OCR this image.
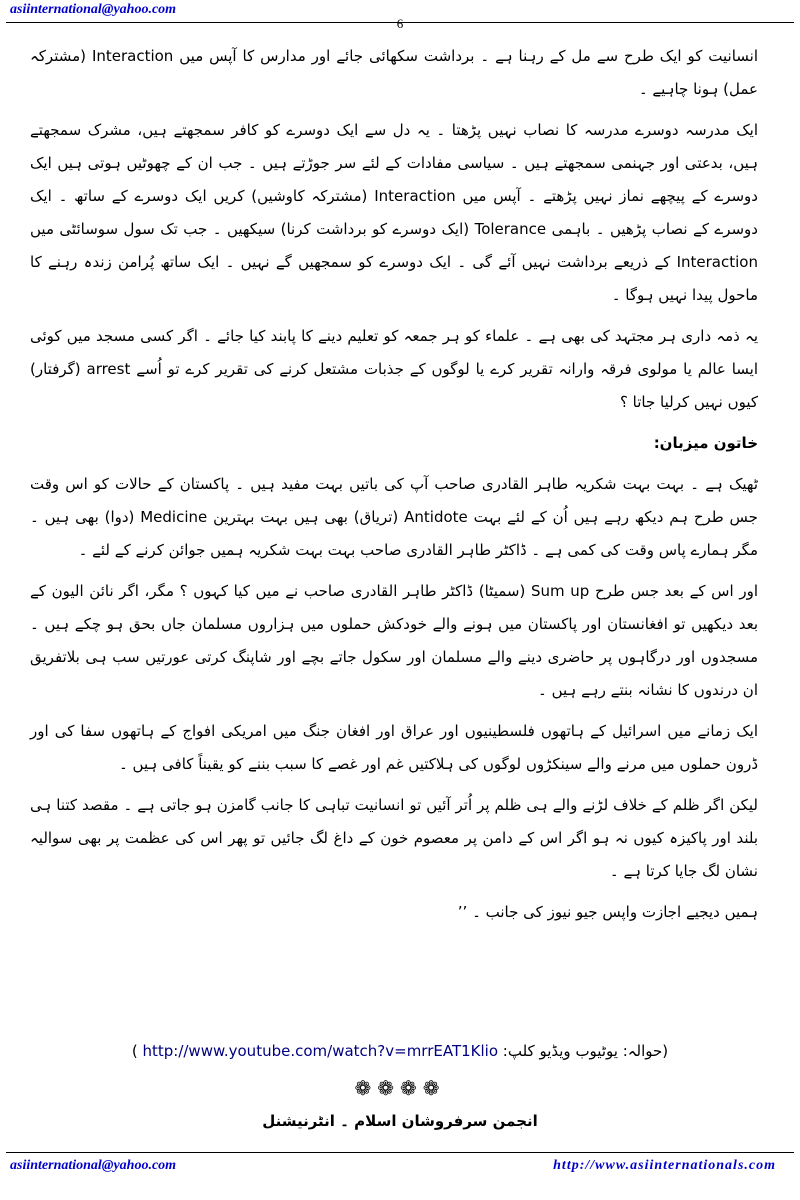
asiinternational@yahoo.com
6

انسانیت کو ایک طرح سے مل کے رہنا ہے ۔ برداشت سکھائی جائے اور مدارس کا آپس میں Interaction (مشترکہ عمل) ہونا چاہیے ۔

ایک مدرسہ دوسرے مدرسہ کا نصاب نہیں پڑھتا ۔ یہ دل سے ایک دوسرے کو کافر سمجھتے ہیں، مشرک سمجھتے ہیں، بدعتی اور جہنمی سمجھتے ہیں ۔ سیاسی مفادات کے لئے سر جوڑتے ہیں ۔ جب ان کے چھوٹیں ہوتی ہیں ایک دوسرے کے پیچھے نماز نہیں پڑھتے ۔ آپس میں Interaction (مشترکہ کاوشیں) کریں ایک دوسرے کے ساتھ ۔ ایک دوسرے کے نصاب پڑھیں ۔ باہمی Tolerance (ایک دوسرے کو برداشت کرنا) سیکھیں ۔ جب تک سول سوسائٹی میں Interaction کے ذریعے برداشت نہیں آئے گی ۔ ایک دوسرے کو سمجھیں گے نہیں ۔ ایک ساتھ پُرامن زندہ رہنے کا ماحول پیدا نہیں ہوگا ۔

یہ ذمہ داری ہر مجتہد کی بھی ہے ۔ علماء کو ہر جمعہ کو تعلیم دینے کا پابند کیا جائے ۔ اگر کسی مسجد میں کوئی ایسا عالم یا مولوی فرقہ وارانہ تقریر کرے یا لوگوں کے جذبات مشتعل کرنے کی تقریر کرے تو اُسے arrest (گرفتار) کیوں نہیں کرلیا جاتا ؟

خاتون میزبان:

ٹھیک ہے ۔ بہت بہت شکریہ طاہر القادری صاحب آپ کی باتیں بہت مفید ہیں ۔ پاکستان کے حالات کو اس وقت جس طرح ہم دیکھ رہے ہیں اُن کے لئے بہت Antidote (تریاق) بھی ہیں بہت بہترین Medicine (دوا) بھی ہیں ۔ مگر ہمارے پاس وقت کی کمی ہے ۔ ڈاکٹر طاہر القادری صاحب بہت بہت شکریہ ہمیں جوائن کرنے کے لئے ۔

اور اس کے بعد جس طرح Sum up (سمیٹا) ڈاکٹر طاہر القادری صاحب نے میں کیا کہوں ؟ مگر، اگر نائن الیون کے بعد دیکھیں تو افغانستان اور پاکستان میں ہونے والے خودکش حملوں میں ہزاروں مسلمان جاں بحق ہو چکے ہیں ۔ مسجدوں اور درگاہوں پر حاضری دینے والے مسلمان اور سکول جاتے بچے اور شاپنگ کرتی عورتیں سب ہی بلاتفریق ان درندوں کا نشانہ بنتے رہے ہیں ۔

ایک زمانے میں اسرائیل کے ہاتھوں فلسطینیوں اور عراق اور افغان جنگ میں امریکی افواج کے ہاتھوں سفا کی اور ڈرون حملوں میں مرنے والے سینکڑوں لوگوں کی ہلاکتیں غم اور غصے کا سبب بننے کو یقیناً کافی ہیں ۔

لیکن اگر ظلم کے خلاف لڑنے والے ہی ظلم پر اُتر آئیں تو انسانیت تباہی کا جانب گامزن ہو جاتی ہے ۔ مقصد کتنا ہی بلند اور پاکیزہ کیوں نہ ہو اگر اس کے دامن پر معصوم خون کے داغ لگ جائیں تو پھر اس کی عظمت پر بھی سوالیہ نشان لگ جایا کرتا ہے ۔

ہمیں دیجیے اجازت واپس جیو نیوز کی جانب ۔ ’’

(حوالہ: یوٹیوب ویڈیو کلپ: http://www.youtube.com/watch?v=mrrEAT1Klio )
❁❁❁❁
انجمن سرفروشان اسلام ۔ انٹرنیشنل
asiinternational@yahoo.com	http://www.asiinternationals.com
